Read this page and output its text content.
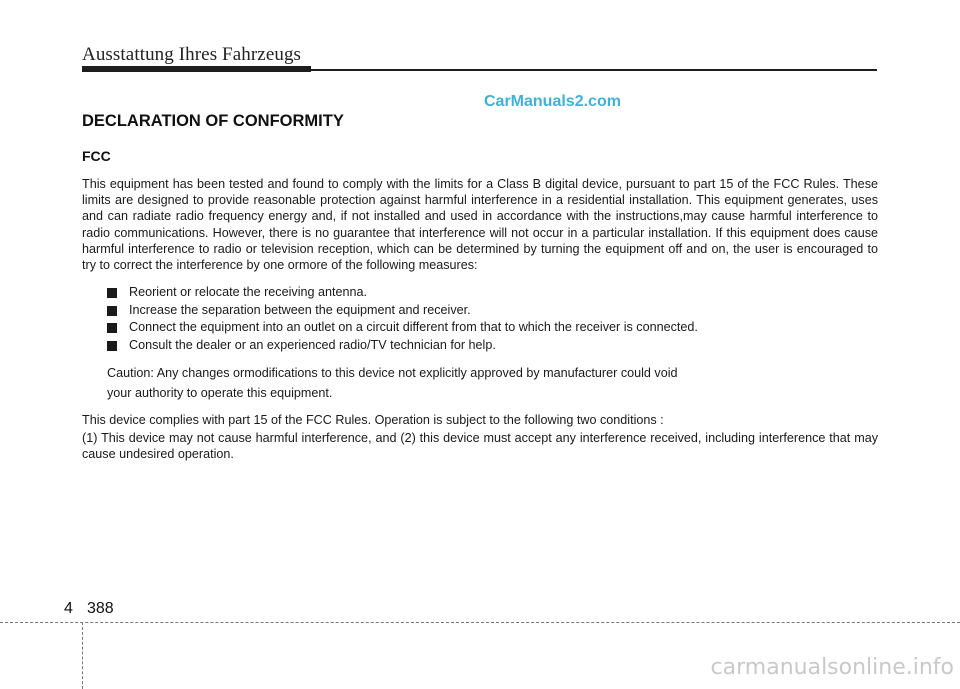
Ausstattung Ihres Fahrzeugs
CarManuals2.com
DECLARATION OF CONFORMITY
FCC

This equipment has been tested and found to comply with the limits for a Class B digital device, pursuant to part 15 of the FCC Rules. These limits are designed to provide reasonable protection against harmful interference in a residential installation. This equipment generates, uses and can radiate radio frequency energy and, if not installed and used in accordance with the instructions,may cause harmful interference to radio communications. However, there is no guarantee that interference will not occur in a particular installation. If this equipment does cause harmful interference to radio or television reception, which can be determined by turning the equipment off and on, the user is encouraged to try to correct the interference by one ormore of the following measures:

Reorient or relocate the receiving antenna.
Increase the separation between the equipment and receiver.
Connect the equipment into an outlet on a circuit different from that to which the receiver is connected.
Consult the dealer or an experienced radio/TV technician for help.
Caution: Any changes ormodifications to this device not explicitly approved by manufacturer could void
your authority to operate this equipment.

This device complies with part 15 of the FCC Rules. Operation is subject to the following two conditions :

(1) This device may not cause harmful interference, and (2) this device must accept any interference received, including interference that may cause undesired operation.

4 388
carmanualsonline.info
